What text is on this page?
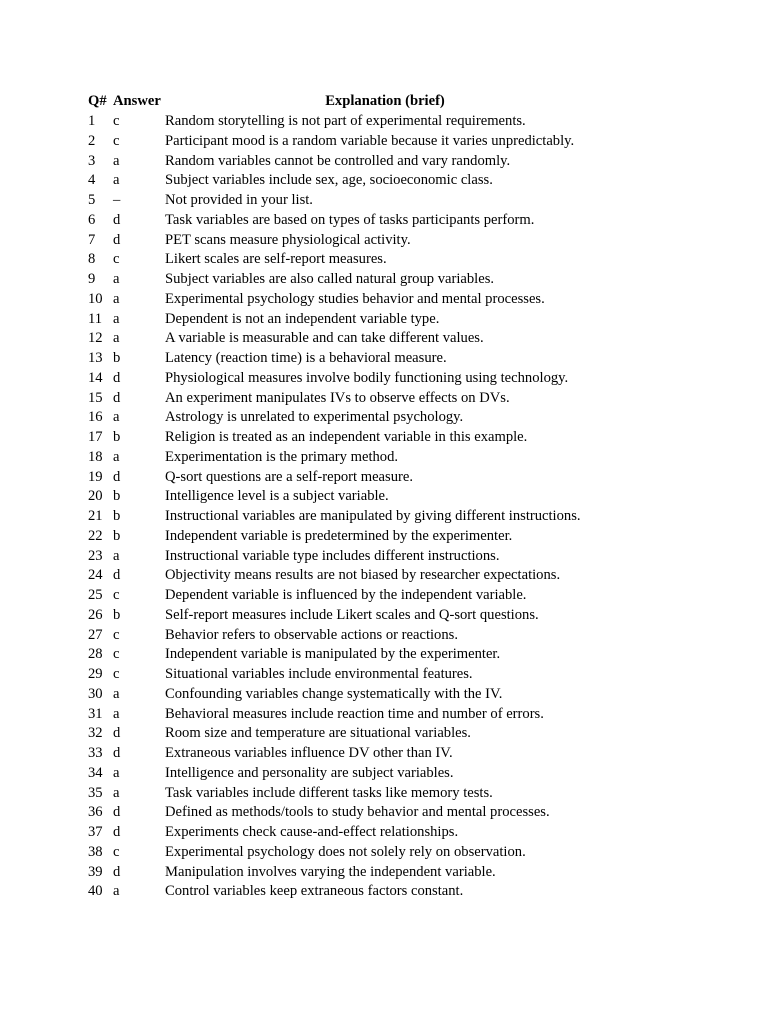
Q#	Answer	Explanation (brief)
1	c	Random storytelling is not part of experimental requirements.
2	c	Participant mood is a random variable because it varies unpredictably.
3	a	Random variables cannot be controlled and vary randomly.
4	a	Subject variables include sex, age, socioeconomic class.
5	–	Not provided in your list.
6	d	Task variables are based on types of tasks participants perform.
7	d	PET scans measure physiological activity.
8	c	Likert scales are self-report measures.
9	a	Subject variables are also called natural group variables.
10	a	Experimental psychology studies behavior and mental processes.
11	a	Dependent is not an independent variable type.
12	a	A variable is measurable and can take different values.
13	b	Latency (reaction time) is a behavioral measure.
14	d	Physiological measures involve bodily functioning using technology.
15	d	An experiment manipulates IVs to observe effects on DVs.
16	a	Astrology is unrelated to experimental psychology.
17	b	Religion is treated as an independent variable in this example.
18	a	Experimentation is the primary method.
19	d	Q-sort questions are a self-report measure.
20	b	Intelligence level is a subject variable.
21	b	Instructional variables are manipulated by giving different instructions.
22	b	Independent variable is predetermined by the experimenter.
23	a	Instructional variable type includes different instructions.
24	d	Objectivity means results are not biased by researcher expectations.
25	c	Dependent variable is influenced by the independent variable.
26	b	Self-report measures include Likert scales and Q-sort questions.
27	c	Behavior refers to observable actions or reactions.
28	c	Independent variable is manipulated by the experimenter.
29	c	Situational variables include environmental features.
30	a	Confounding variables change systematically with the IV.
31	a	Behavioral measures include reaction time and number of errors.
32	d	Room size and temperature are situational variables.
33	d	Extraneous variables influence DV other than IV.
34	a	Intelligence and personality are subject variables.
35	a	Task variables include different tasks like memory tests.
36	d	Defined as methods/tools to study behavior and mental processes.
37	d	Experiments check cause-and-effect relationships.
38	c	Experimental psychology does not solely rely on observation.
39	d	Manipulation involves varying the independent variable.
40	a	Control variables keep extraneous factors constant.
